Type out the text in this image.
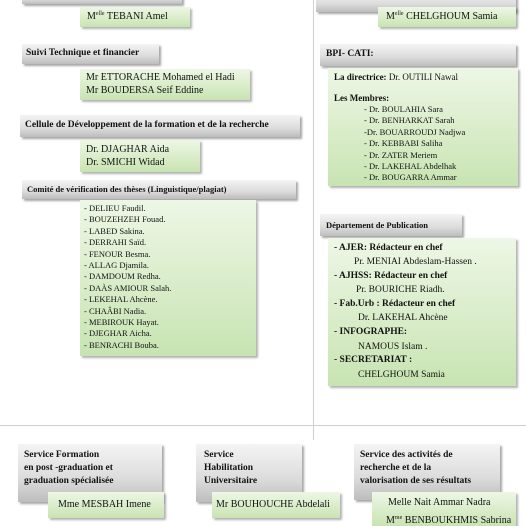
$M^{elle}$ TEBANI Amel	$M^{elle}$ CHELGHOUM Samia
Suivi Technique et financier
Mr ETTORACHE Mohamed el Hadi
Mr BOUDERSA Seif Eddine
Cellule de Développement de la formation et de la recherche
Dr. DJAGHAR Aida
Dr. SMICHI Widad
Comité de vérification des thèses (Linguistique/plagiat)
- DELIEU Faudil.
- BOUZEHZEH Fouad.
- LABED Sakina.
- DERRAHI Saïd.
- FENOUR Besma.
- ALLAG Djamila.
- DAMDOUM Redha.
- DAÀS AMIOUR Salah.
- LEKEHAL Ahcène.
- CHAÂBI Nadia.
- MEBIROUK Hayat.
- DJEGHAR Aicha.
- BENRACHI Bouba.
BPI- CATI:
La directrice: Dr. OUTILI Nawal
Les Membres:
- Dr. BOULAHIA Sara
- Dr. BENHARKAT Sarah
-Dr. BOUARROUDJ Nadjwa
- Dr. KEBBABI Saliha
- Dr. ZATER Meriem
- Dr. LAKEHAL Abdelhak
- Dr. BOUGARRA Ammar
Département de Publication
- AJER: Rédacteur en chef
Pr. MENIAI Abdeslam-Hassen .
- AJHSS: Rédacteur en chef
Pr. BOURICHE Riadh.
- Fab.Urb : Rédacteur en chef
Dr. LAKEHAL Ahcène
- INFOGRAPHE:
NAMOUS Islam .
- SECRETARIAT :
CHELGHOUM Samia
Service Formation
en post -graduation et
graduation spécialisée
Mme MESBAH Imene
Service
Habilitation
Universitaire
Mr BOUHOUCHE Abdelali
Service des activités de
recherche et de la
valorisation de ses résultats
Melle Nait Ammar Nadra
$M^{me}$ BENBOUKHMIS Sabrina
